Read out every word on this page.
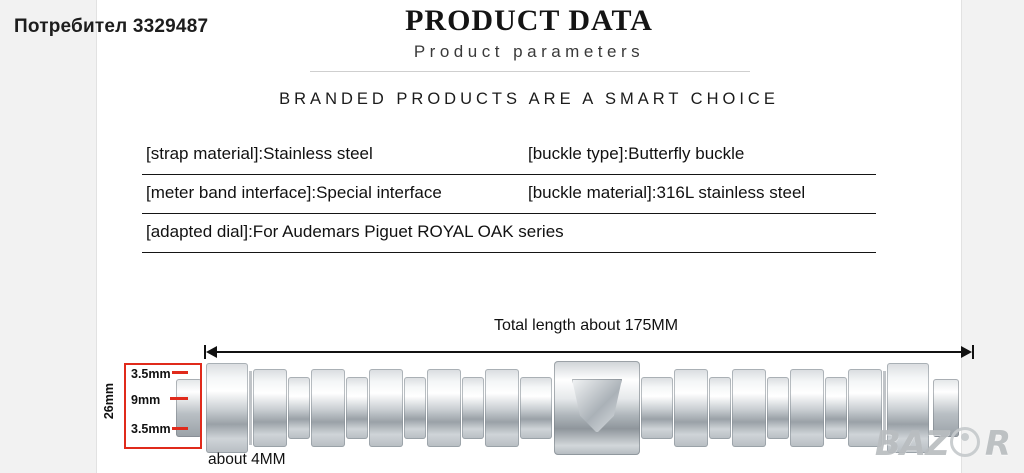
Потребител 3329487	PRODUCT DATA
Product parameters
BRANDED PRODUCTS ARE A SMART CHOICE
[strap material]:Stainless steel	[buckle type]:Butterfly buckle
[meter band interface]:Special interface	[buckle material]:316L stainless steel
[adapted dial]:For Audemars Piguet ROYAL OAK series
Total length about 175MM
3.5mm
9mm
3.5mm
26mm
about 4MM	BAZ R
